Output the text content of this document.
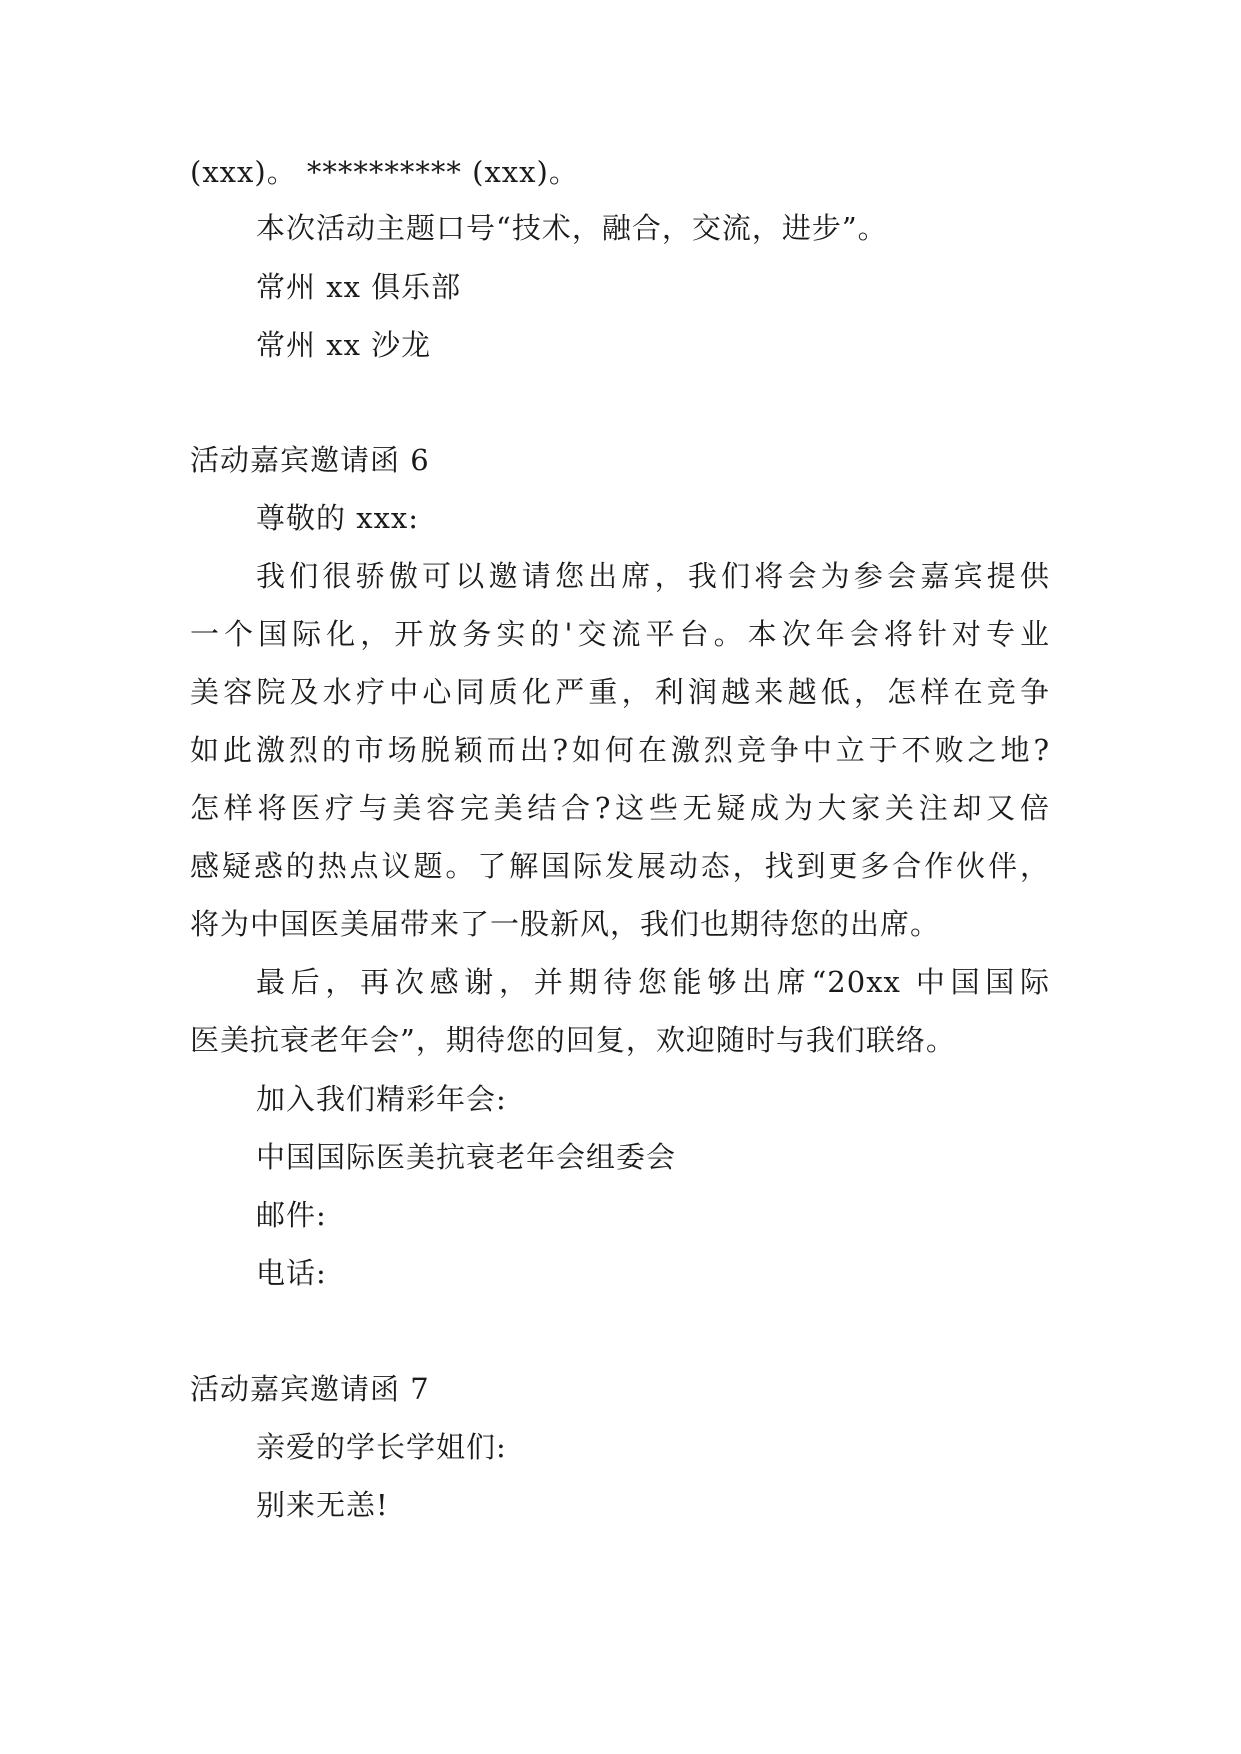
(xxx)。 ********** (xxx)。
本次活动主题口号“技术，融合，交流，进步”。
常州 xx 俱乐部
常州 xx 沙龙
活动嘉宾邀请函 6
尊敬的 xxx:
我们很骄傲可以邀请您出席，我们将会为参会嘉宾提供
一个国际化，开放务实的'交流平台。本次年会将针对专业
美容院及水疗中心同质化严重，利润越来越低，怎样在竞争
如此激烈的市场脱颖而出?如何在激烈竞争中立于不败之地?
怎样将医疗与美容完美结合?这些无疑成为大家关注却又倍
感疑惑的热点议题。了解国际发展动态，找到更多合作伙伴，
将为中国医美届带来了一股新风，我们也期待您的出席。
最后，再次感谢，并期待您能够出席“20xx 中国国际
医美抗衰老年会”，期待您的回复，欢迎随时与我们联络。
加入我们精彩年会:
中国国际医美抗衰老年会组委会
邮件:
电话:
活动嘉宾邀请函 7
亲爱的学长学姐们:
别来无恙!
